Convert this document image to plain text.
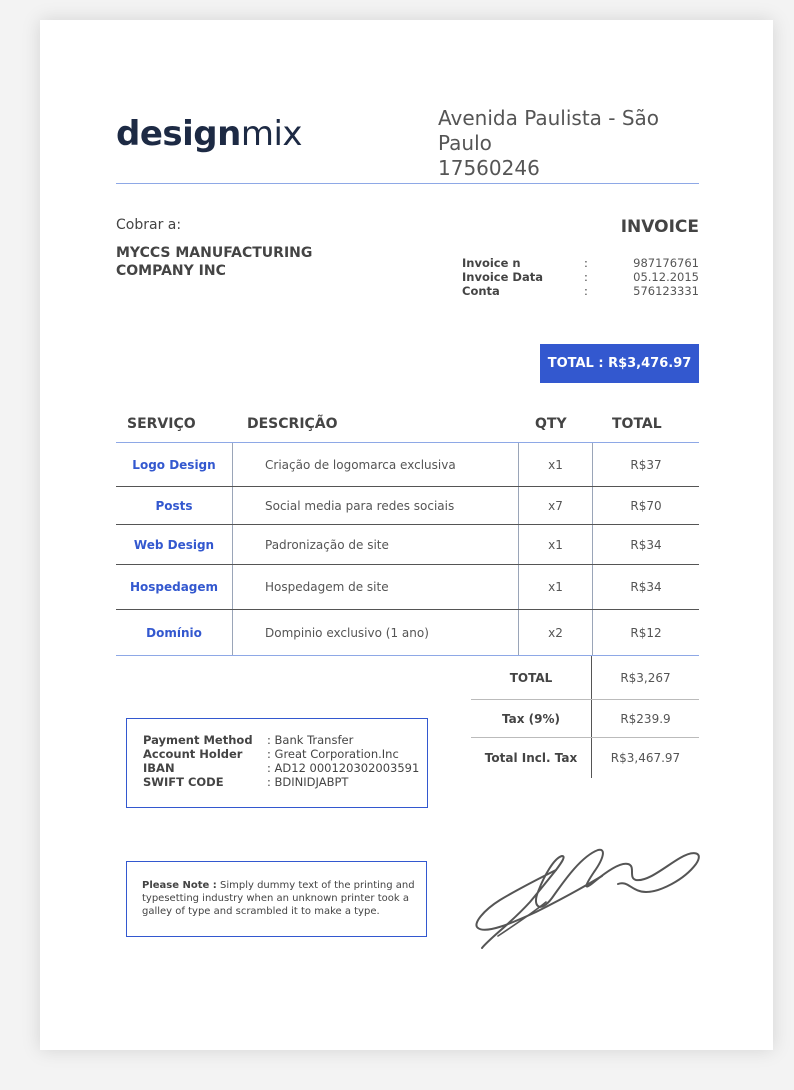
designmix	Avenida Paulista - São Paulo
17560246
Cobrar a:
MYCCS MANUFACTURING
COMPANY INC
INVOICE
Invoice n	:	987176761
Invoice Data	:	05.12.2015
Conta	:	576123331
TOTAL : R$3,476.97
SERVIÇO	DESCRIÇÃO	QTY	TOTAL
Logo Design	Criação de logomarca exclusiva	x1	R$37
Posts	Social media para redes sociais	x7	R$70
Web Design	Padronização de site	x1	R$34
Hospedagem	Hospedagem de site	x1	R$34
Domínio	Dompinio exclusivo (1 ano)	x2	R$12
TOTAL	R$3,267
Tax (9%)	R$239.9
Total Incl. Tax	R$3,467.97
Payment Method : Bank Transfer
Account Holder : Great Corporation.Inc
IBAN	: AD12 000120302003591
SWIFT CODE	: BDINIDJABPT
Please Note : Simply dummy text of the printing and typesetting industry when an unknown printer took a galley of type and scrambled it to make a type.
